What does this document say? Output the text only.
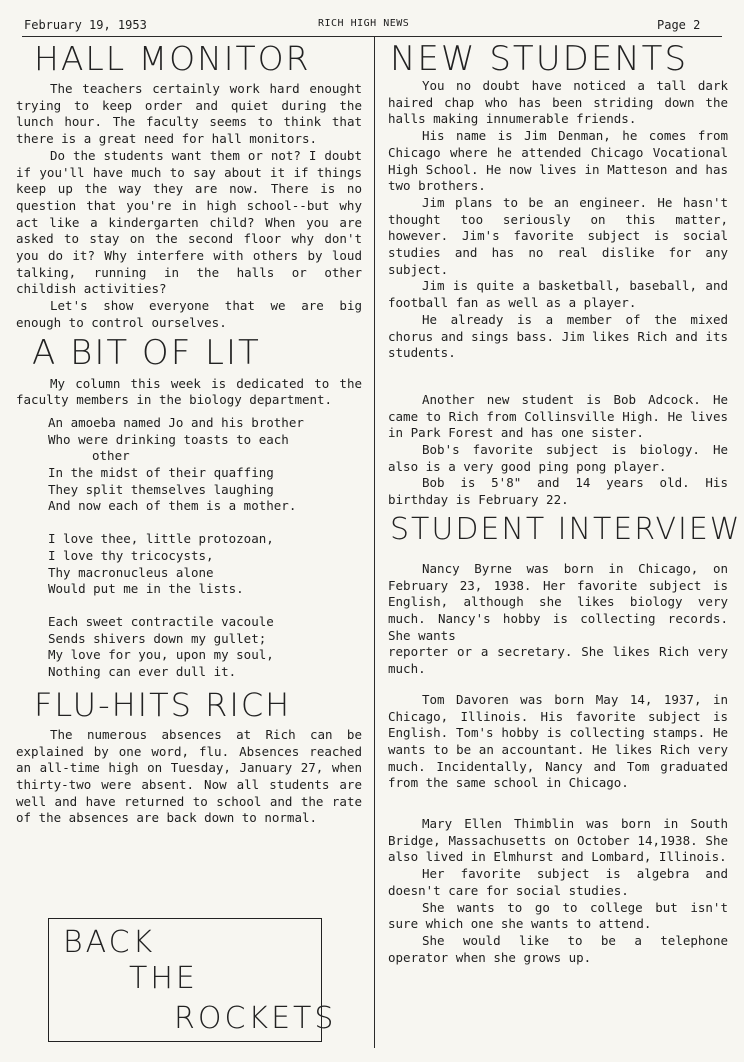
February 19, 1953	RICH HIGH NEWS	Page 2
HALL MONITOR

The teachers certainly work hard enought trying to keep order and quiet during the lunch hour. The faculty seems to think that there is a great need for hall monitors.

Do the students want them or not? I doubt if you'll have much to say about it if things keep up the way they are now. There is no question that you're in high school--but why act like a kindergarten child? When you are asked to stay on the second floor why don't you do it? Why interfere with others by loud talking, running in the halls or other childish activities?

Let's show everyone that we are big enough to control ourselves.

A BIT OF LIT

My column this week is dedicated to the faculty members in the biology department.

An amoeba named Jo and his brother
Who were drinking toasts to each
other
In the midst of their quaffing
They split themselves laughing
And now each of them is a mother.
I love thee, little protozoan,
I love thy tricocysts,
Thy macronucleus alone
Would put me in the lists.
Each sweet contractile vacoule
Sends shivers down my gullet;
My love for you, upon my soul,
Nothing can ever dull it.
FLU-HITS RICH

The numerous absences at Rich can be explained by one word, flu. Absences reached an all-time high on Tuesday, January 27, when thirty-two were absent. Now all students are well and have returned to school and the rate of the absences are back down to normal.

BACK
THE
ROCKETS
NEW STUDENTS

You no doubt have noticed a tall dark haired chap who has been striding down the halls making innumerable friends.

His name is Jim Denman, he comes from Chicago where he attended Chicago Vocational High School. He now lives in Matteson and has two brothers.

Jim plans to be an engineer. He hasn't thought too seriously on this matter, however. Jim's favorite subject is social studies and has no real dislike for any subject.

Jim is quite a basketball, baseball, and football fan as well as a player.

He already is a member of the mixed chorus and sings bass. Jim likes Rich and its students.

Another new student is Bob Adcock. He came to Rich from Collinsville High. He lives in Park Forest and has one sister.

Bob's favorite subject is biology. He also is a very good ping pong player.

Bob is 5'8" and 14 years old. His birthday is February 22.

STUDENT INTERVIEW

Nancy Byrne was born in Chicago, on February 23, 1938. Her favorite subject is English, although she likes biology very much. Nancy's hobby is collecting records. She wants

reporter or a secretary. She likes Rich very much.

Tom Davoren was born May 14, 1937, in Chicago, Illinois. His favorite subject is English. Tom's hobby is collecting stamps. He wants to be an accountant. He likes Rich very much. Incidentally, Nancy and Tom graduated from the same school in Chicago.

Mary Ellen Thimblin was born in South Bridge, Massachusetts on October 14,1938. She also lived in Elmhurst and Lombard, Illinois.

Her favorite subject is algebra and doesn't care for social studies.

She wants to go to college but isn't sure which one she wants to attend.

She would like to be a telephone operator when she grows up.
